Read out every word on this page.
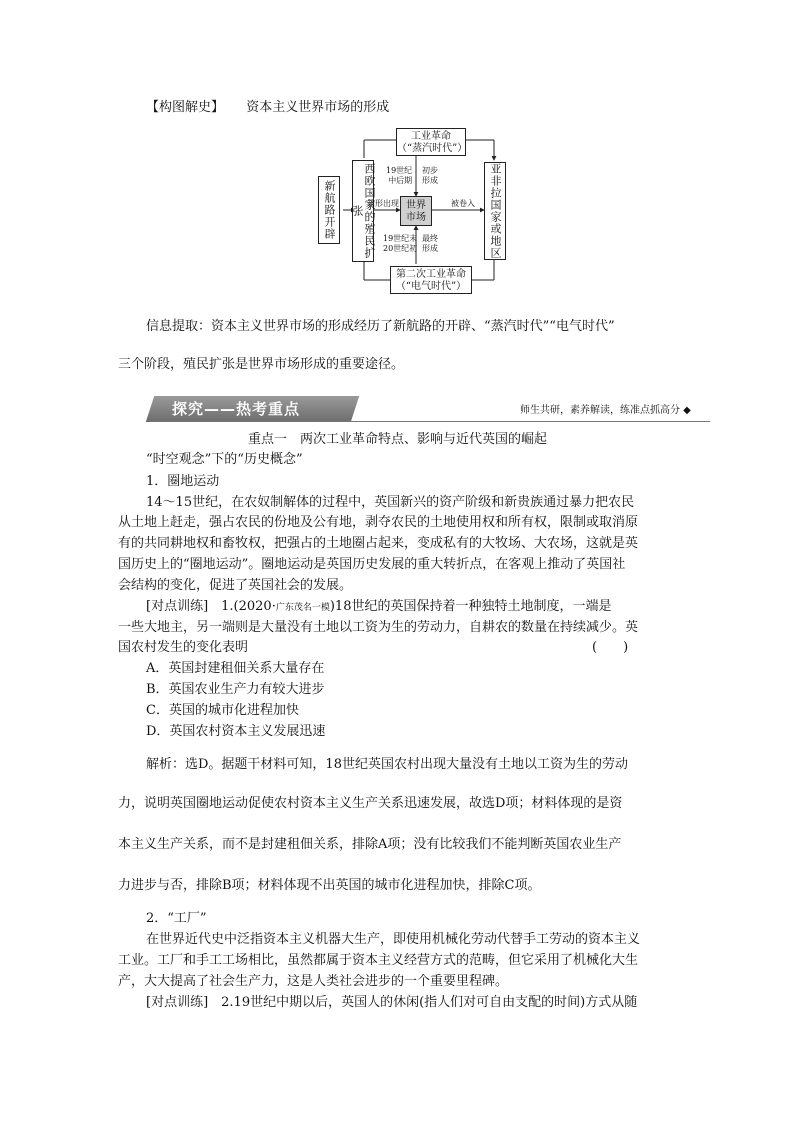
【构图解史】 资本主义世界市场的形成
工业革命
（“蒸汽时代”）
第二次工业革命
（“电气时代”）
新航路开辟	西欧国家的殖民扩张	亚非拉国家或地区
世界
市场
19世纪
中后期
初步
形成
19世纪末
20世纪初
最终
形成
雏形出现	被卷入
信息提取：资本主义世界市场的形成经历了新航路的开辟、“蒸汽时代”“电气时代”
三个阶段，殖民扩张是世界市场形成的重要途径。
探究——热考重点	师生共研，素养解读，练准点抓高分 ◆
重点一　两次工业革命特点、影响与近代英国的崛起
“时空观念”下的“历史概念”
1．圈地运动
14～15世纪，在农奴制解体的过程中，英国新兴的资产阶级和新贵族通过暴力把农民
从土地上赶走，强占农民的份地及公有地，剥夺农民的土地使用权和所有权，限制或取消原
有的共同耕地权和畜牧权，把强占的土地圈占起来，变成私有的大牧场、大农场，这就是英
国历史上的“圈地运动”。圈地运动是英国历史发展的重大转折点，在客观上推动了英国社
会结构的变化，促进了英国社会的发展。
[对点训练]　1.(2020·广东茂名一模)18世纪的英国保持着一种独特土地制度，一端是
一些大地主，另一端则是大量没有土地以工资为生的劳动力，自耕农的数量在持续减少。英
国农村发生的变化表明	(　　)
A．英国封建租佃关系大量存在
B．英国农业生产力有较大进步
C．英国的城市化进程加快
D．英国农村资本主义发展迅速
解析：选D。据题干材料可知，18世纪英国农村出现大量没有土地以工资为生的劳动
力，说明英国圈地运动促使农村资本主义生产关系迅速发展，故选D项；材料体现的是资
本主义生产关系，而不是封建租佃关系，排除A项；没有比较我们不能判断英国农业生产
力进步与否，排除B项；材料体现不出英国的城市化进程加快，排除C项。
2．“工厂”
在世界近代史中泛指资本主义机器大生产，即使用机械化劳动代替手工劳动的资本主义
工业。工厂和手工工场相比，虽然都属于资本主义经营方式的范畴，但它采用了机械化大生
产，大大提高了社会生产力，这是人类社会进步的一个重要里程碑。
[对点训练]　2.19世纪中期以后，英国人的休闲(指人们对可自由支配的时间)方式从随
